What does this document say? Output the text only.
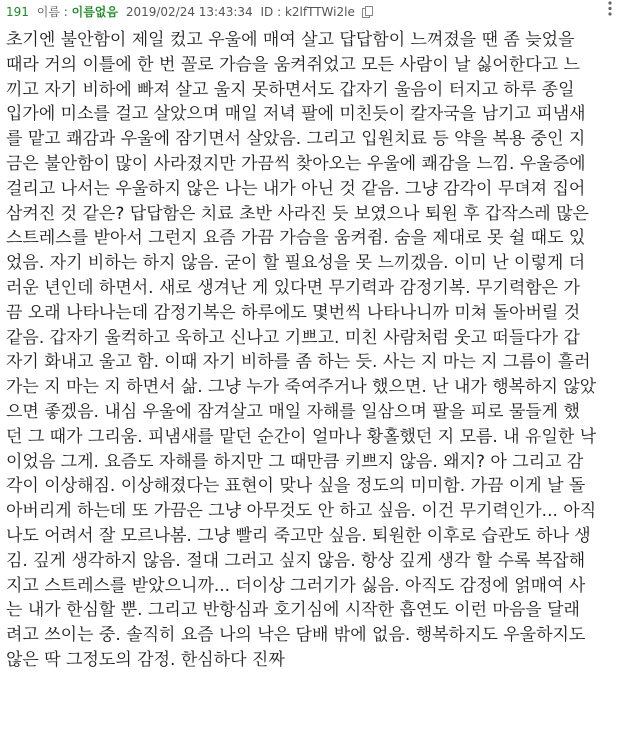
191 이름 : 이름없음 2019/02/24 13:43:34 ID : k2lfTTWi2le
초기엔 불안함이 제일 컸고 우울에 매여 살고 답답함이 느껴졌을 땐 좀 늦었을
때라 거의 이틀에 한 번 꼴로 가슴을 움켜쥐었고 모든 사람이 날 싫어한다고 느
끼고 자기 비하에 빠져 살고 울지 못하면서도 갑자기 울음이 터지고 하루 종일
입가에 미소를 걸고 살았으며 매일 저녁 팔에 미친듯이 칼자국을 남기고 피냄새
를 맡고 쾌감과 우울에 잠기면서 살았음. 그리고 입원치료 등 약을 복용 중인 지
금은 불안함이 많이 사라졌지만 가끔씩 찾아오는 우울에 쾌감을 느낌. 우울증에
걸리고 나서는 우울하지 않은 나는 내가 아닌 것 같음. 그냥 감각이 무뎌져 집어
삼켜진 것 같은? 답답함은 치료 초반 사라진 듯 보였으나 퇴원 후 갑작스레 많은
스트레스를 받아서 그런지 요즘 가끔 가슴을 움켜쥠. 숨을 제대로 못 쉴 때도 있
었음. 자기 비하는 하지 않음. 굳이 할 필요성을 못 느끼겠음. 이미 난 이렇게 더
러운 년인데 하면서. 새로 생겨난 게 있다면 무기력과 감정기복. 무기력함은 가
끔 오래 나타나는데 감정기복은 하루에도 몇번씩 나타나니까 미쳐 돌아버릴 것
같음. 갑자기 울컥하고 욱하고 신나고 기쁘고. 미친 사람처럼 웃고 떠들다가 갑
자기 화내고 울고 함. 이때 자기 비하를 좀 하는 듯. 사는 지 마는 지 그름이 흘러
가는 지 마는 지 하면서 삶. 그냥 누가 죽여주거나 했으면. 난 내가 행복하지 않았
으면 좋겠음. 내심 우울에 잠겨살고 매일 자해를 일삼으며 팔을 피로 물들게 했
던 그 때가 그리움. 피냄새를 맡던 순간이 얼마나 황홀했던 지 모름. 내 유일한 낙
이었음 그게. 요즘도 자해를 하지만 그 때만큼 키쁘지 않음. 왜지? 아 그리고 감
각이 이상해짐. 이상해졌다는 표현이 맞나 싶을 정도의 미미함. 가끔 이게 날 돌
아버리게 하는데 또 가끔은 그냥 아무것도 안 하고 싶음. 이건 무기력인가... 아직
나도 어려서 잘 모르나봄. 그냥 빨리 죽고만 싶음. 퇴원한 이후로 습관도 하나 생
김. 깊게 생각하지 않음. 절대 그러고 싶지 않음. 항상 깊게 생각 할 수록 복잡해
지고 스트레스를 받았으니까... 더이상 그러기가 싫음. 아직도 감정에 얽매여 사
는 내가 한심할 뿐. 그리고 반항심과 호기심에 시작한 흡연도 이런 마음을 달래
려고 쓰이는 중. 솔직히 요즘 나의 낙은 담배 밖에 없음. 행복하지도 우울하지도
않은 딱 그정도의 감정. 한심하다 진짜
